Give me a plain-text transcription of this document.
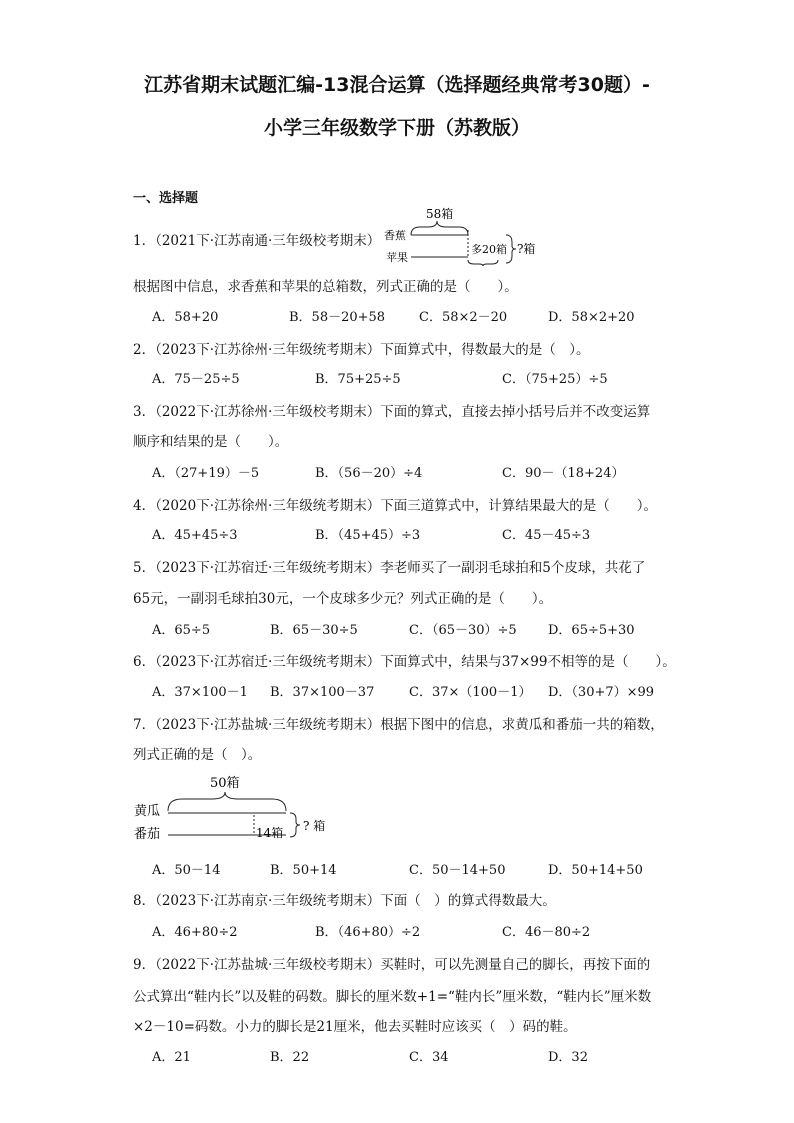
江苏省期末试题汇编-13混合运算（选择题经典常考30题）-
小学三年级数学下册（苏教版）
一、选择题
1．（2021下·江苏南通·三年级校考期末）
58箱
香蕉
苹果
多20箱 ?箱
根据图中信息，求香蕉和苹果的总箱数，列式正确的是（　　）。
A．58+20	B．58－20+58	C．58×2－20	D．58×2+20
2．（2023下·江苏徐州·三年级统考期末）下面算式中，得数最大的是（　）。
A．75－25÷5	B．75+25÷5	C．（75+25）÷5
3．（2022下·江苏徐州·三年级校考期末）下面的算式，直接去掉小括号后并不改变运算
顺序和结果的是（　　）。
A．（27+19）－5	B．（56－20）÷4	C．90－（18+24）
4．（2020下·江苏徐州·三年级统考期末）下面三道算式中，计算结果最大的是（　　）。
A．45+45÷3	B．（45+45）÷3	C．45－45÷3
5．（2023下·江苏宿迁·三年级统考期末）李老师买了一副羽毛球拍和5个皮球，共花了
65元，一副羽毛球拍30元，一个皮球多少元？列式正确的是（　　）。
A．65÷5	B．65－30÷5	C．（65－30）÷5 D．65÷5+30
6．（2023下·江苏宿迁·三年级统考期末）下面算式中，结果与37×99不相等的是（　　）。
A．37×100－1 B．37×100－37	C．37×（100－1） D．（30+7）×99
7．（2023下·江苏盐城·三年级统考期末）根据下图中的信息，求黄瓜和番茄一共的箱数，
列式正确的是（　）。
50箱
黄瓜
番茄	14箱 ? 箱
A．50－14	B．50+14	C．50－14+50	D．50+14+50
8．（2023下·江苏南京·三年级统考期末）下面（　）的算式得数最大。
A．46+80÷2	B．（46+80）÷2	C．46－80÷2
9．（2022下·江苏盐城·三年级校考期末）买鞋时，可以先测量自己的脚长，再按下面的
公式算出“鞋内长”以及鞋的码数。脚长的厘米数+1=“鞋内长”厘米数，“鞋内长”厘米数
×2－10=码数。小力的脚长是21厘米，他去买鞋时应该买（　）码的鞋。
A．21	B．22	C．34	D．32
